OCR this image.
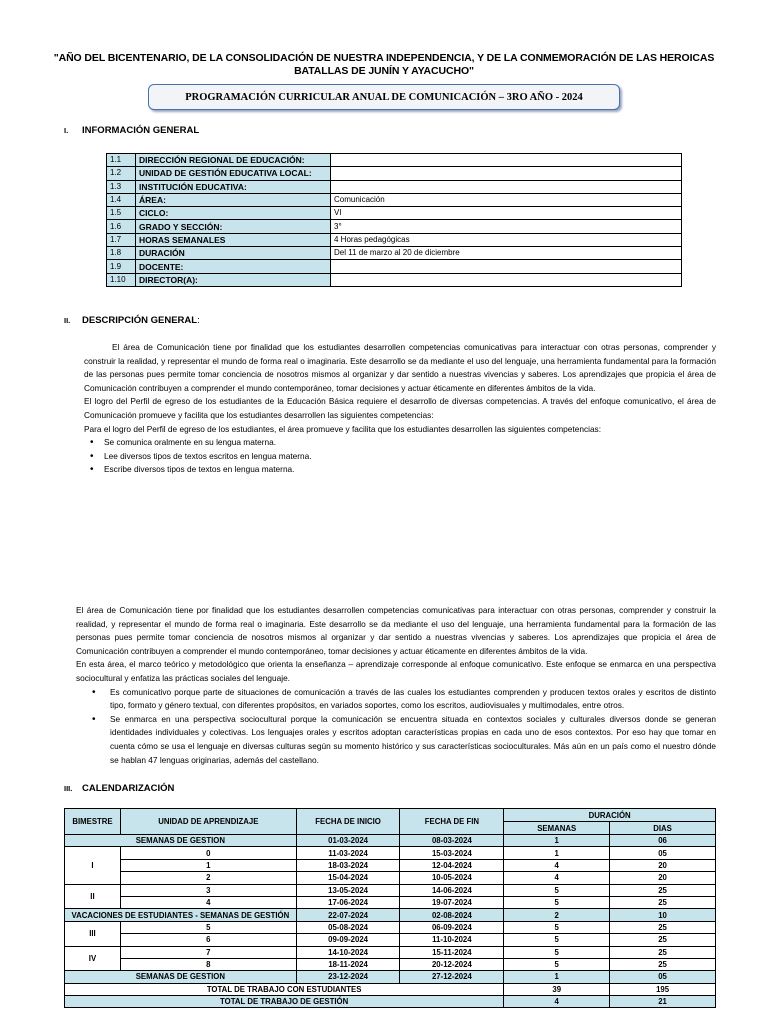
"AÑO DEL BICENTENARIO, DE LA CONSOLIDACIÓN DE NUESTRA INDEPENDENCIA, Y DE LA CONMEMORACIÓN DE LAS HEROICAS BATALLAS DE JUNÍN Y AYACUCHO"
PROGRAMACIÓN CURRICULAR ANUAL DE COMUNICACIÓN – 3RO AÑO - 2024
I.	INFORMACIÓN GENERAL
1.1	DIRECCIÓN REGIONAL DE EDUCACIÓN:	
1.2	UNIDAD DE GESTIÓN EDUCATIVA LOCAL:	
1.3	INSTITUCIÓN EDUCATIVA:	
1.4	ÁREA:	Comunicación
1.5	CICLO:	VI
1.6	GRADO Y SECCIÓN:	3°
1.7	HORAS SEMANALES	4 Horas pedagógicas
1.8	DURACIÓN	Del 11 de marzo al 20 de diciembre
1.9	DOCENTE:	
1.10	DIRECTOR(A):	
II.	DESCRIPCIÓN GENERAL :

El área de Comunicación tiene por finalidad que los estudiantes desarrollen competencias comunicativas para interactuar con otras personas, comprender y construir la realidad, y representar el mundo de forma real o imaginaria. Este desarrollo se da mediante el uso del lenguaje, una herramienta fundamental para la formación de las personas pues permite tomar conciencia de nosotros mismos al organizar y dar sentido a nuestras vivencias y saberes. Los aprendizajes que propicia el área de Comunicación contribuyen a comprender el mundo contemporáneo, tomar decisiones y actuar éticamente en diferentes ámbitos de la vida.

El logro del Perfil de egreso de los estudiantes de la Educación Básica requiere el desarrollo de diversas competencias. A través del enfoque comunicativo, el área de Comunicación promueve y facilita que los estudiantes desarrollen las siguientes competencias:

Para el logro del Perfil de egreso de los estudiantes, el área promueve y facilita que los estudiantes desarrollen las siguientes competencias:

• Se comunica oralmente en su lengua materna.
• Lee diversos tipos de textos escritos en lengua materna.
• Escribe diversos tipos de textos en lengua materna.

El área de Comunicación tiene por finalidad que los estudiantes desarrollen competencias comunicativas para interactuar con otras personas, comprender y construir la realidad, y representar el mundo de forma real o imaginaria. Este desarrollo se da mediante el uso del lenguaje, una herramienta fundamental para la formación de las personas pues permite tomar conciencia de nosotros mismos al organizar y dar sentido a nuestras vivencias y saberes. Los aprendizajes que propicia el área de Comunicación contribuyen a comprender el mundo contemporáneo, tomar decisiones y actuar éticamente en diferentes ámbitos de la vida.

En esta área, el marco teórico y metodológico que orienta la enseñanza – aprendizaje corresponde al enfoque comunicativo. Este enfoque se enmarca en una perspectiva sociocultural y enfatiza las prácticas sociales del lenguaje.

• Es comunicativo porque parte de situaciones de comunicación a través de las cuales los estudiantes comprenden y producen textos orales y escritos de distinto tipo, formato y género textual, con diferentes propósitos, en variados soportes, como los escritos, audiovisuales y multimodales, entre otros.
• Se enmarca en una perspectiva sociocultural porque la comunicación se encuentra situada en contextos sociales y culturales diversos donde se generan identidades individuales y colectivas. Los lenguajes orales y escritos adoptan características propias en cada uno de esos contextos. Por eso hay que tomar en cuenta cómo se usa el lenguaje en diversas culturas según su momento histórico y sus características socioculturales. Más aún en un país como el nuestro dónde se hablan 47 lenguas originarias, además del castellano.
III.	CALENDARIZACIÓN
BIMESTRE	UNIDAD DE APRENDIZAJE	FECHA DE INICIO	FECHA DE FIN	DURACIÓN	
				SEMANAS	DIAS
SEMANAS DE GESTION		01-03-2024	08-03-2024	1	06
I	0	11-03-2024	15-03-2024	1	05
	1	18-03-2024	12-04-2024	4	20
	2	15-04-2024	10-05-2024	4	20
II	3	13-05-2024	14-06-2024	5	25
	4	17-06-2024	19-07-2024	5	25
VACACIONES DE ESTUDIANTES - SEMANAS DE GESTIÓN		22-07-2024	02-08-2024	2	10
III	5	05-08-2024	06-09-2024	5	25
	6	09-09-2024	11-10-2024	5	25
IV	7	14-10-2024	15-11-2024	5	25
	8	18-11-2024	20-12-2024	5	25
SEMANAS DE GESTION		23-12-2024	27-12-2024	1	05
TOTAL DE TRABAJO CON ESTUDIANTES				39	195
TOTAL DE TRABAJO DE GESTIÓN				4	21
